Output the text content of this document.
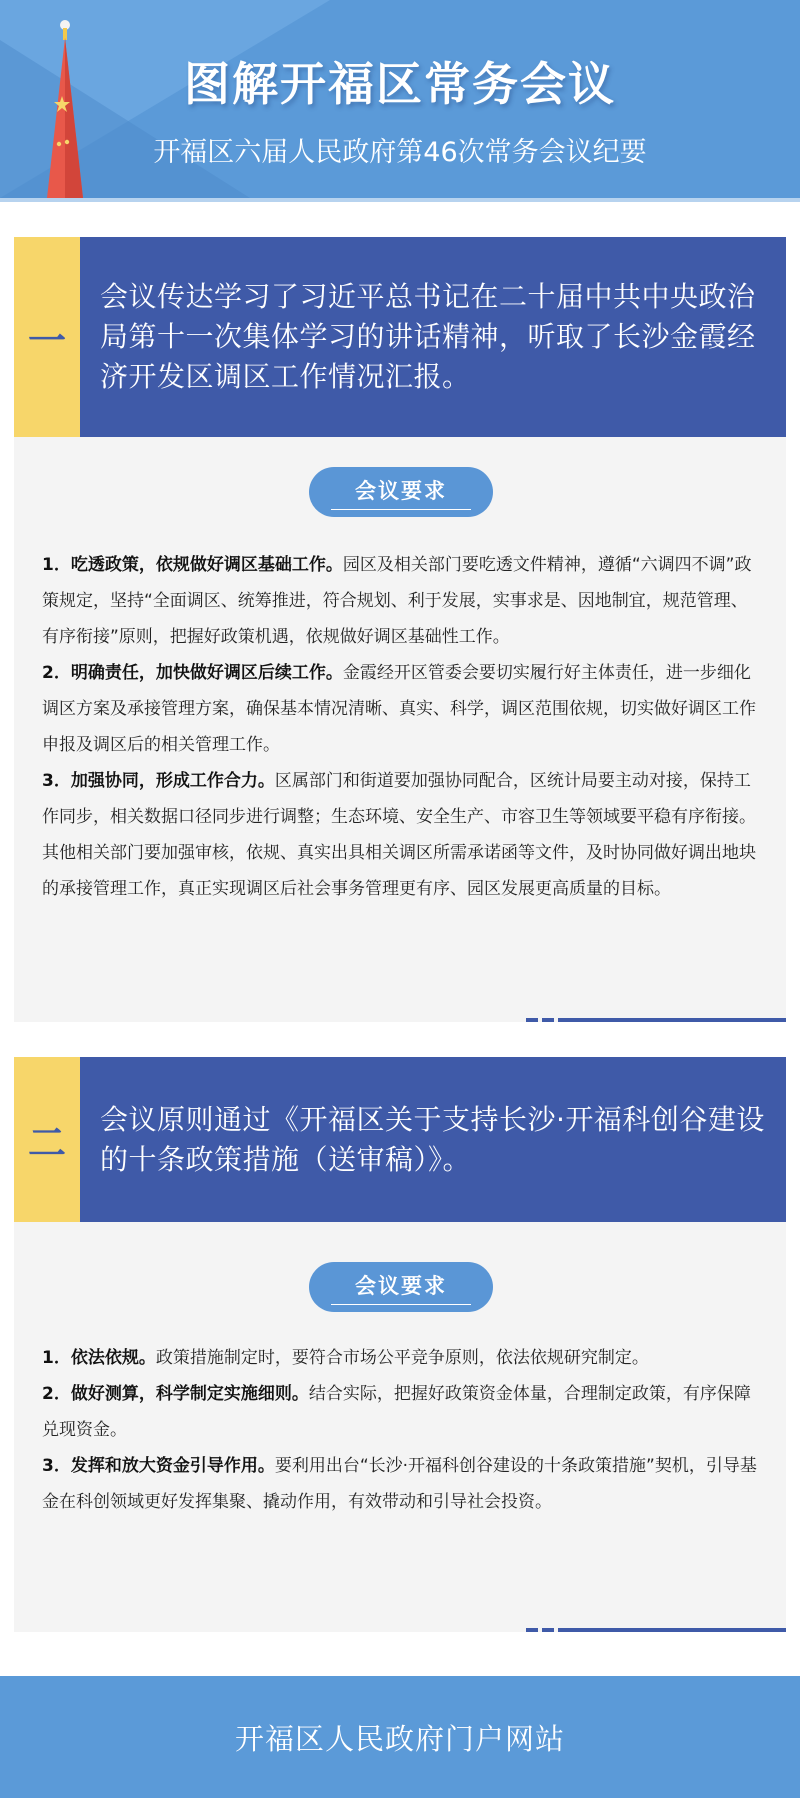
图解开福区常务会议
开福区六届人民政府第46次常务会议纪要
一
会议传达学习了习近平总书记在二十届中共中央政治局第十一次集体学习的讲话精神，听取了长沙金霞经济开发区调区工作情况汇报。
会议要求

1．吃透政策，依规做好调区基础工作。园区及相关部门要吃透文件精神，遵循“六调四不调”政策规定，坚持“全面调区、统筹推进，符合规划、利于发展，实事求是、因地制宜，规范管理、有序衔接”原则，把握好政策机遇，依规做好调区基础性工作。

2．明确责任，加快做好调区后续工作。金霞经开区管委会要切实履行好主体责任，进一步细化调区方案及承接管理方案，确保基本情况清晰、真实、科学，调区范围依规，切实做好调区工作申报及调区后的相关管理工作。

3．加强协同，形成工作合力。区属部门和街道要加强协同配合，区统计局要主动对接，保持工作同步，相关数据口径同步进行调整；生态环境、安全生产、市容卫生等领域要平稳有序衔接。其他相关部门要加强审核，依规、真实出具相关调区所需承诺函等文件，及时协同做好调出地块的承接管理工作，真正实现调区后社会事务管理更有序、园区发展更高质量的目标。

二
会议原则通过《开福区关于支持长沙·开福科创谷建设的十条政策措施（送审稿）》。
会议要求

1．依法依规。政策措施制定时，要符合市场公平竞争原则，依法依规研究制定。

2．做好测算，科学制定实施细则。结合实际，把握好政策资金体量，合理制定政策，有序保障兑现资金。

3．发挥和放大资金引导作用。要利用出台“长沙·开福科创谷建设的十条政策措施”契机，引导基金在科创领域更好发挥集聚、撬动作用，有效带动和引导社会投资。

开福区人民政府门户网站
